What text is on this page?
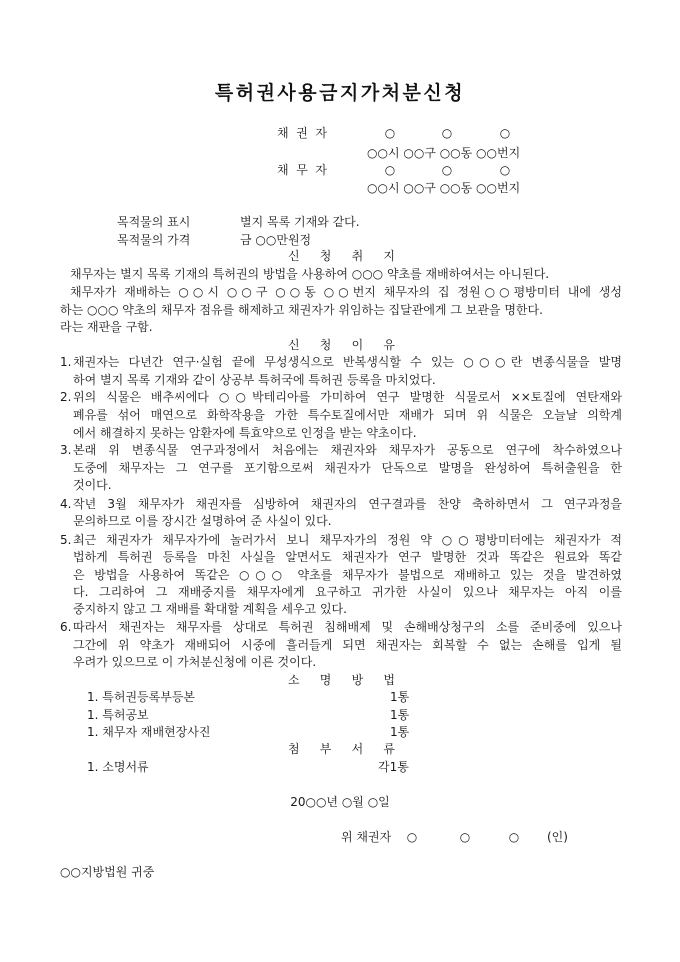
특허권사용금지가처분신청
채 권 자	○	○	○
○○시 ○○구 ○○동 ○○번지
채 무 자	○	○	○
○○시 ○○구 ○○동 ○○번지
목적물의 표시	별지 목록 기재와 같다.
목적물의 가격	금 ○○만원정
신 청 취 지
채무자는 별지 목록 기재의 특허권의 방법을 사용하여 ○○○ 약초를 재배하여서는 아니된다.
채무자가 재배하는 ○○시 ○○구 ○○동 ○○번지 채무자의 집 정원○○평방미터 내에 생성
하는 ○○○ 약초의 채무자 점유를 해제하고 채권자가 위임하는 집달관에게 그 보관을 명한다.
라는 재판을 구함.
신 청 이 유
1. 채권자는 다년간 연구·실험 끝에 무성생식으로 반복생식할 수 있는 ○○○란 변종식물을 발명
하여 별지 목록 기재와 같이 상공부 특허국에 특허권 등록을 마치었다.
2. 위의 식물은 배추씨에다 ○○박테리아를 가미하여 연구 발명한 식물로서 ××토질에 연탄재와
폐유를 섞어 매연으로 화학작용을 가한 특수토질에서만 재배가 되며 위 식물은 오늘날 의학계
에서 해결하지 못하는 암환자에 특효약으로 인정을 받는 약초이다.
3. 본래 위 변종식물 연구과정에서 처음에는 채권자와 채무자가 공동으로 연구에 착수하였으나
도중에 채무자는 그 연구를 포기함으로써 채권자가 단독으로 발명을 완성하여 특허출원을 한
것이다.
4. 작년 3월 채무자가 채권자를 심방하여 채권자의 연구결과를 찬양 축하하면서 그 연구과정을
문의하므로 이를 장시간 설명하여 준 사실이 있다.
5. 최근 채권자가 채무자가에 놀러가서 보니 채무자가의 정원 약 ○○평방미터에는 채권자가 적
법하게 특허권 등록을 마친 사실을 알면서도 채권자가 연구 발명한 것과 똑같은 원료와 똑같
은 방법을 사용하여 똑같은 ○○○ 약초를 채무자가 불법으로 재배하고 있는 것을 발견하였
다. 그리하여 그 재배중지를 채무자에게 요구하고 귀가한 사실이 있으나 채무자는 아직 이를
중지하지 않고 그 재배를 확대할 계획을 세우고 있다.
6. 따라서 채권자는 채무자를 상대로 특허권 침해배제 및 손해배상청구의 소를 준비중에 있으나
그간에 위 약초가 재배되어 시중에 흘러들게 되면 채권자는 회복할 수 없는 손해를 입게 될
우려가 있으므로 이 가처분신청에 이른 것이다.
소 명 방 법
1. 특허권등록부등본	1통
1. 특허공보	1통
1. 채무자 재배현장사진	1통
첨 부 서 류
1. 소명서류	각1통
20○○년 ○월 ○일
위 채권자 ○	○	○ (인)
○○지방법원 귀중
